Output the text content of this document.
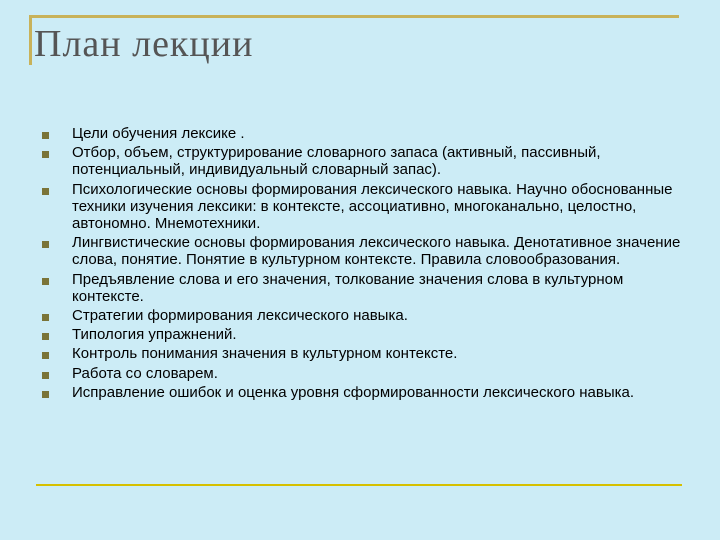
План лекции
Цели обучения лексике .
Отбор, объем, структурирование словарного запаса (активный, пассивный, потенциальный, индивидуальный словарный запас).
Психологические основы формирования лексического навыка. Научно обоснованные техники изучения лексики: в контексте, ассоциативно, многоканально, целостно, автономно. Мнемотехники.
Лингвистические основы формирования лексического навыка. Денотативное значение слова, понятие. Понятие в культурном контексте. Правила словообразования.
Предъявление слова и его значения, толкование значения слова в культурном контексте.
Стратегии формирования лексического навыка.
Типология упражнений.
Контроль понимания значения в культурном контексте.
Работа со словарем.
Исправление ошибок и оценка уровня сформированности лексического навыка.
